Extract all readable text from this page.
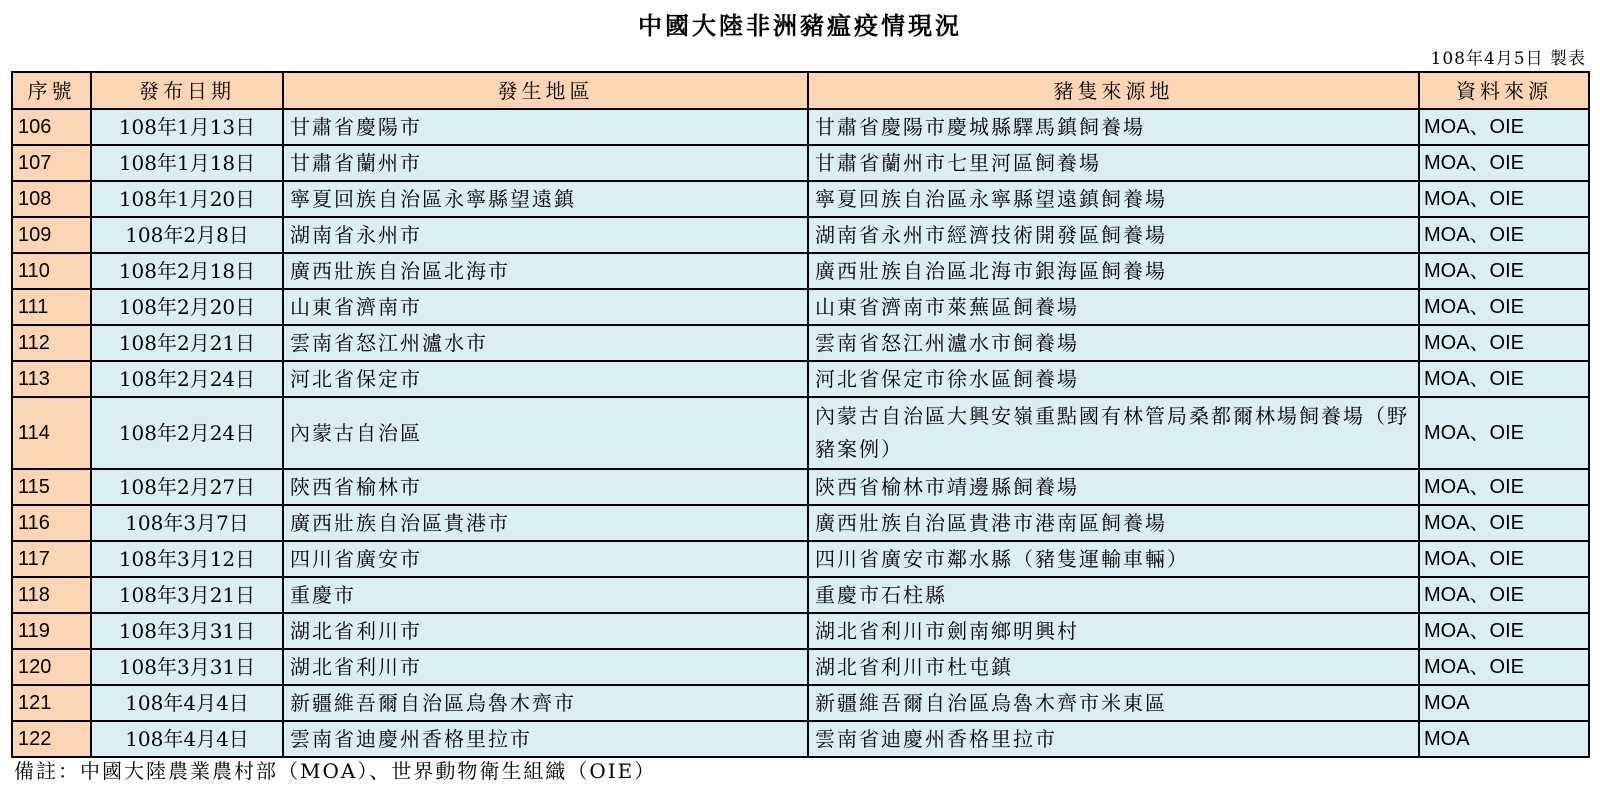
中國大陸非洲豬瘟疫情現況
108年4月5日 製表
序號	發布日期	發生地區	豬隻來源地	資料來源
106	108年1月13日	甘肅省慶陽市	甘肅省慶陽市慶城縣驛馬鎮飼養場	MOA、OIE
107	108年1月18日	甘肅省蘭州市	甘肅省蘭州市七里河區飼養場	MOA、OIE
108	108年1月20日	寧夏回族自治區永寧縣望遠鎮	寧夏回族自治區永寧縣望遠鎮飼養場	MOA、OIE
109	108年2月8日	湖南省永州市	湖南省永州市經濟技術開發區飼養場	MOA、OIE
110	108年2月18日	廣西壯族自治區北海市	廣西壯族自治區北海市銀海區飼養場	MOA、OIE
111	108年2月20日	山東省濟南市	山東省濟南市萊蕪區飼養場	MOA、OIE
112	108年2月21日	雲南省怒江州瀘水市	雲南省怒江州瀘水市飼養場	MOA、OIE
113	108年2月24日	河北省保定市	河北省保定市徐水區飼養場	MOA、OIE
114	108年2月24日	內蒙古自治區	內蒙古自治區大興安嶺重點國有林管局桑都爾林場飼養場（野豬案例）	MOA、OIE
115	108年2月27日	陝西省榆林市	陝西省榆林市靖邊縣飼養場	MOA、OIE
116	108年3月7日	廣西壯族自治區貴港市	廣西壯族自治區貴港市港南區飼養場	MOA、OIE
117	108年3月12日	四川省廣安市	四川省廣安市鄰水縣（豬隻運輸車輛）	MOA、OIE
118	108年3月21日	重慶市	重慶市石柱縣	MOA、OIE
119	108年3月31日	湖北省利川市	湖北省利川市劍南鄉明興村	MOA、OIE
120	108年3月31日	湖北省利川市	湖北省利川市杜屯鎮	MOA、OIE
121	108年4月4日	新疆維吾爾自治區烏魯木齊市	新疆維吾爾自治區烏魯木齊市米東區	MOA
122	108年4月4日	雲南省迪慶州香格里拉市	雲南省迪慶州香格里拉市	MOA
備註：中國大陸農業農村部（MOA）、世界動物衛生組織（OIE）
